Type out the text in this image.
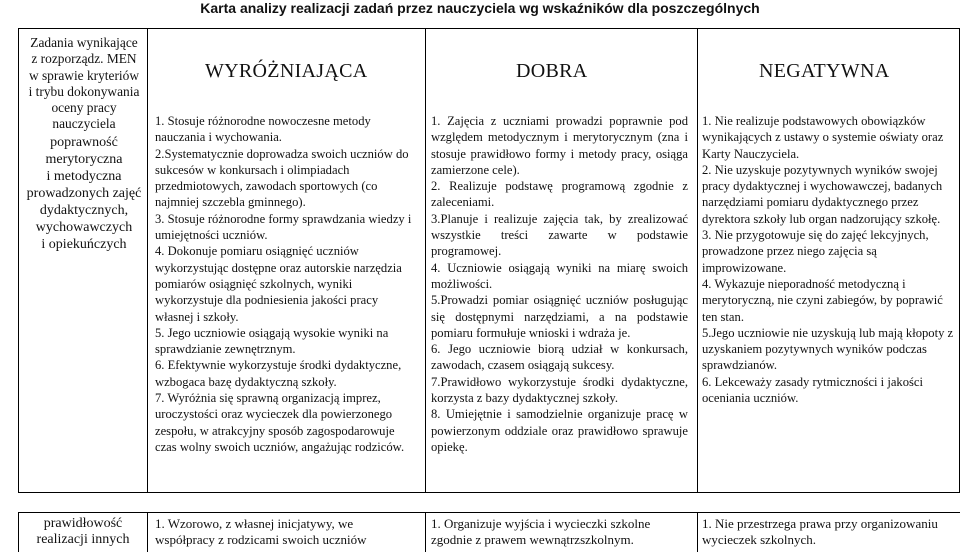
Karta analizy realizacji zadań przez nauczyciela wg wskaźników dla poszczególnych
Zadania wynikające
z rozporządz. MEN
w sprawie kryteriów
i trybu dokonywania
oceny pracy nauczyciela
poprawność
merytoryczna
i metodyczna
prowadzonych zajęć
dydaktycznych,
wychowawczych
i opiekuńczych
WYRÓŻNIAJĄCA	DOBRA	NEGATYWNA

1. Stosuje różnorodne nowoczesne metody nauczania i wychowania.

2.Systematycznie doprowadza swoich uczniów do sukcesów w konkursach i olimpiadach przedmiotowych, zawodach sportowych (co najmniej szczebla gminnego).

3. Stosuje różnorodne formy sprawdzania wiedzy i umiejętności uczniów.

4. Dokonuje pomiaru osiągnięć uczniów wykorzystując dostępne oraz autorskie narzędzia pomiarów osiągnięć szkolnych, wyniki wykorzystuje dla podniesienia jakości pracy własnej i szkoły.

5. Jego uczniowie osiągają wysokie wyniki na sprawdzianie zewnętrznym.

6. Efektywnie wykorzystuje środki dydaktyczne, wzbogaca bazę dydaktyczną szkoły.

7. Wyróżnia się sprawną organizacją imprez, uroczystości oraz wycieczek dla powierzonego zespołu, w atrakcyjny sposób zagospodarowuje czas wolny swoich uczniów, angażując rodziców.

1. Zajęcia z uczniami prowadzi poprawnie pod względem metodycznym i merytorycznym (zna i stosuje prawidłowo formy i metody pracy, osiąga zamierzone cele).

2. Realizuje podstawę programową zgodnie z zaleceniami.

3.Planuje i realizuje zajęcia tak, by zrealizować wszystkie treści zawarte w podstawie programowej.

4. Uczniowie osiągają wyniki na miarę swoich możliwości.

5.Prowadzi pomiar osiągnięć uczniów posługując się dostępnymi narzędziami, a na podstawie pomiaru formułuje wnioski i wdraża je.

6. Jego uczniowie biorą udział w konkursach, zawodach, czasem osiągają sukcesy.

7.Prawidłowo wykorzystuje środki dydaktyczne, korzysta z bazy dydaktycznej szkoły.

8. Umiejętnie i samodzielnie organizuje pracę w powierzonym oddziale oraz prawidłowo sprawuje opiekę.

1. Nie realizuje podstawowych obowiązków wynikających z ustawy o systemie oświaty oraz Karty Nauczyciela.

2. Nie uzyskuje pozytywnych wyników swojej pracy dydaktycznej i wychowawczej, badanych narzędziami pomiaru dydaktycznego przez dyrektora szkoły lub organ nadzorujący szkołę.

3. Nie przygotowuje się do zajęć lekcyjnych, prowadzone przez niego zajęcia są improwizowane.

4. Wykazuje nieporadność metodyczną i merytoryczną, nie czyni zabiegów, by poprawić ten stan.

5.Jego uczniowie nie uzyskują lub mają kłopoty z uzyskaniem pozytywnych wyników podczas sprawdzianów.

6. Lekceważy zasady rytmiczności i jakości oceniania uczniów.

prawidłowość
realizacji innych
1. Wzorowo, z własnej inicjatywy, we
współpracy z rodzicami swoich uczniów
1. Organizuje wyjścia i wycieczki szkolne
zgodnie z prawem wewnątrzszkolnym.
1. Nie przestrzega prawa przy organizowaniu
wycieczek szkolnych.
